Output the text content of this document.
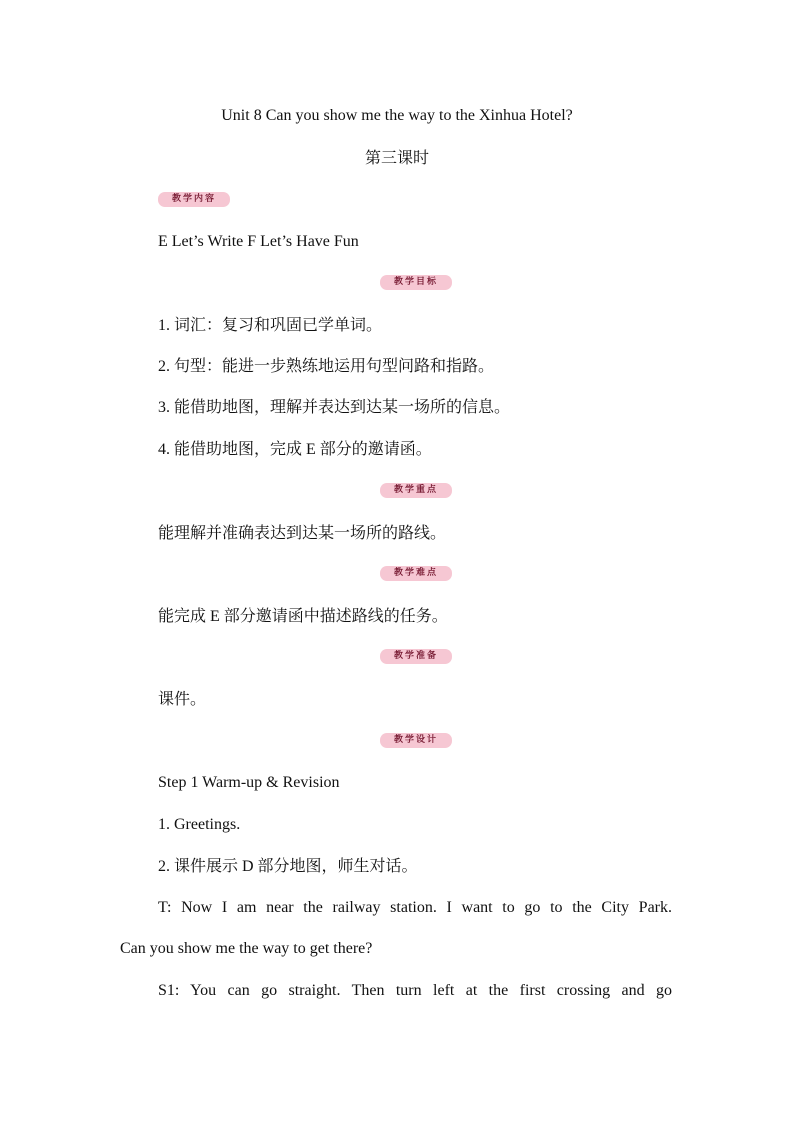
Unit 8 Can you show me the way to the Xinhua Hotel?
第三课时
教学内容
E Let’s Write F Let’s Have Fun
教学目标
1. 词汇：复习和巩固已学单词。
2. 句型：能进一步熟练地运用句型问路和指路。
3. 能借助地图，理解并表达到达某一场所的信息。
4. 能借助地图，完成 E 部分的邀请函。
教学重点
能理解并准确表达到达某一场所的路线。
教学难点
能完成 E 部分邀请函中描述路线的任务。
教学准备
课件。
教学设计
Step 1 Warm-up & Revision
1. Greetings.
2. 课件展示 D 部分地图，师生对话。
T: Now I am near the railway station. I want to go to the City Park.
Can you show me the way to get there?
S1: You can go straight. Then turn left at the first crossing and go
